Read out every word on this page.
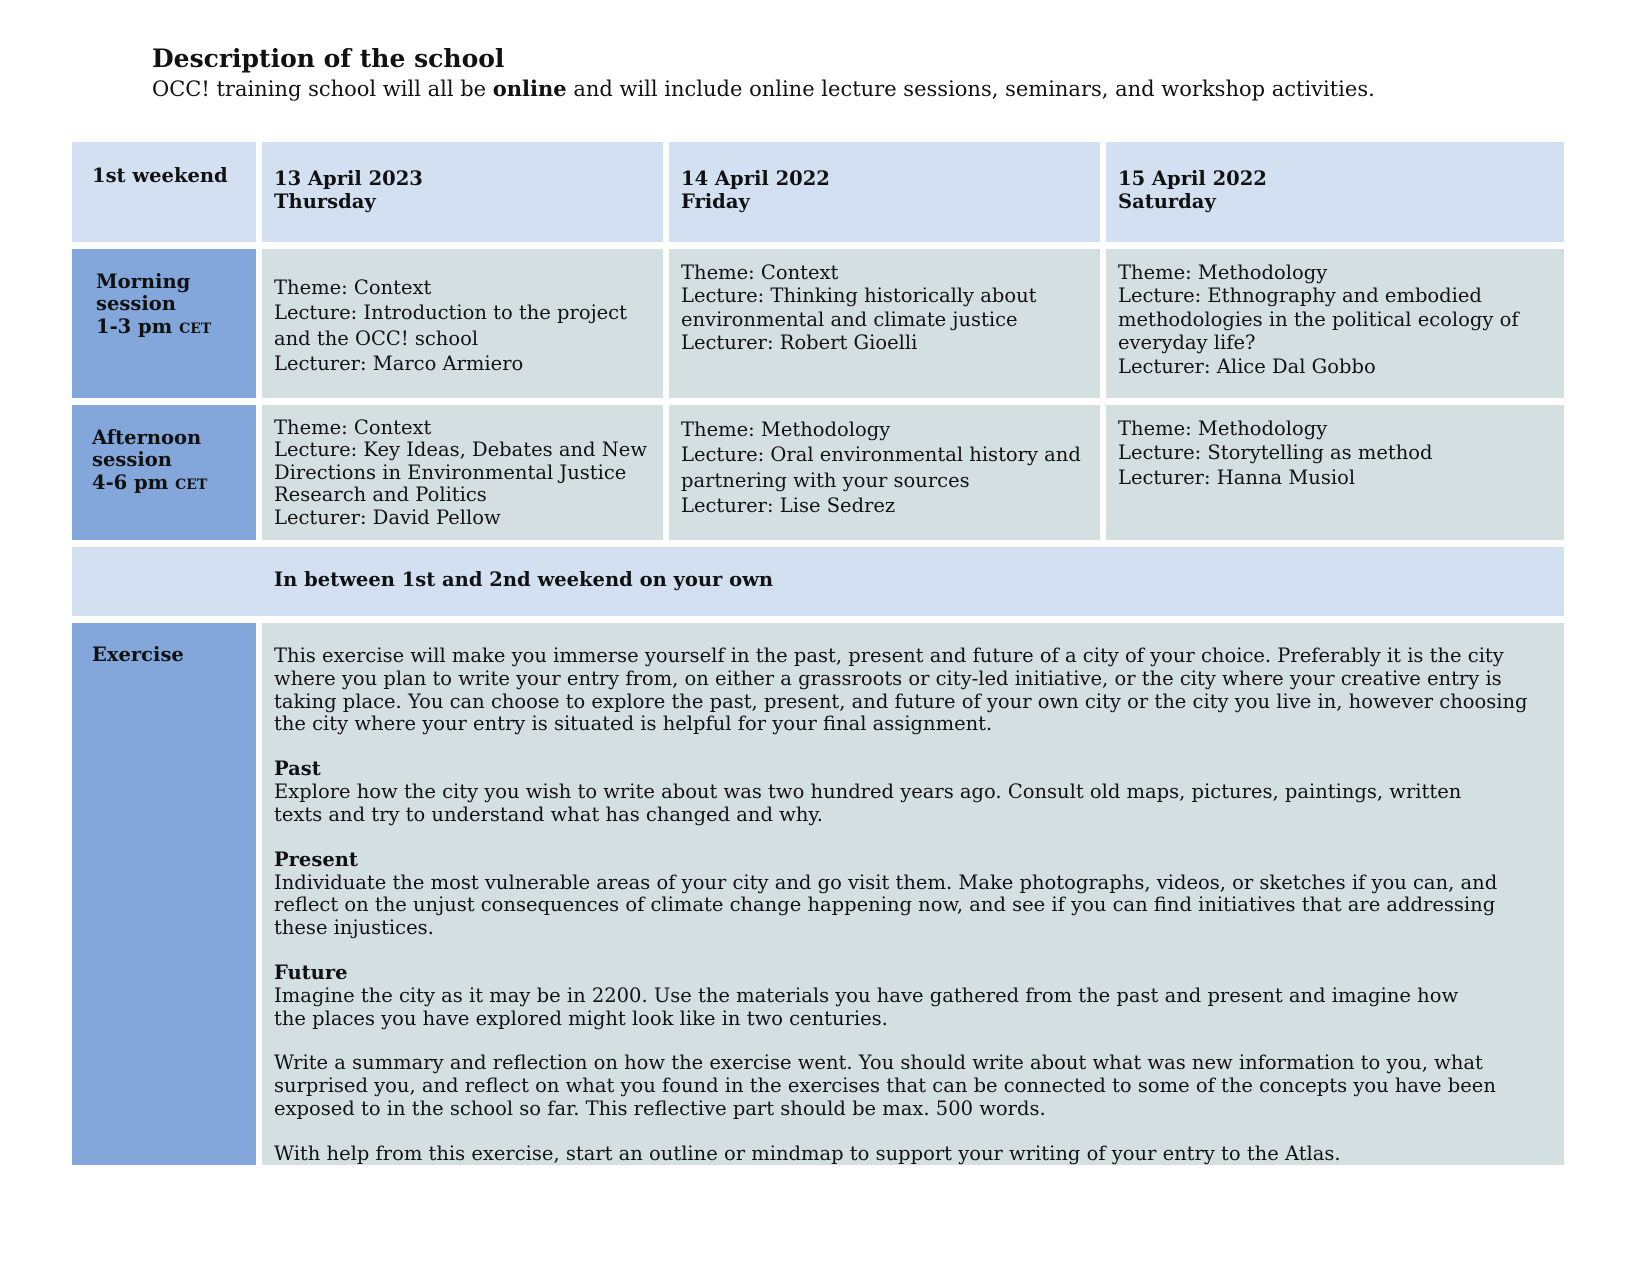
Description of the school

OCC! training school will all be online and will include online lecture sessions, seminars, and workshop activities.

1st weekend	13 April 2023

Thursday

14 April 2022

Friday

15 April 2022

Saturday

Morning

session

1-3 pm CET

Theme: Context

Lecture: Introduction to the project and the OCC! school

Lecturer: Marco Armiero

Theme: Context

Lecture: Thinking historically about environmental and climate justice

Lecturer: Robert Gioelli

Theme: Methodology

Lecture: Ethnography and embodied methodologies in the political ecology of everyday life?

Lecturer: Alice Dal Gobbo

Afternoon

session

4-6 pm CET

Theme: Context

Lecture: Key Ideas, Debates and New Directions in Environmental Justice Research and Politics

Lecturer: David Pellow

Theme: Methodology

Lecture: Oral environmental history and partnering with your sources

Lecturer: Lise Sedrez

Theme: Methodology

Lecture: Storytelling as method

Lecturer: Hanna Musiol

In between 1st and 2nd weekend on your own
Exercise	This exercise will make you immerse yourself in the past, present and future of a city of your choice. Preferably it is the city where you plan to write your entry from, on either a grassroots or city-led initiative, or the city where your creative entry is taking place. You can choose to explore the past, present, and future of your own city or the city you live in, however choosing the city where your entry is situated is helpful for your final assignment.

Past

Explore how the city you wish to write about was two hundred years ago. Consult old maps, pictures, paintings, written texts and try to understand what has changed and why.

Present

Individuate the most vulnerable areas of your city and go visit them. Make photographs, videos, or sketches if you can, and reflect on the unjust consequences of climate change happening now, and see if you can find initiatives that are addressing these injustices.

Future

Imagine the city as it may be in 2200. Use the materials you have gathered from the past and present and imagine how the places you have explored might look like in two centuries.

Write a summary and reflection on how the exercise went. You should write about what was new information to you, what surprised you, and reflect on what you found in the exercises that can be connected to some of the concepts you have been exposed to in the school so far. This reflective part should be max. 500 words.

With help from this exercise, start an outline or mindmap to support your writing of your entry to the Atlas.
